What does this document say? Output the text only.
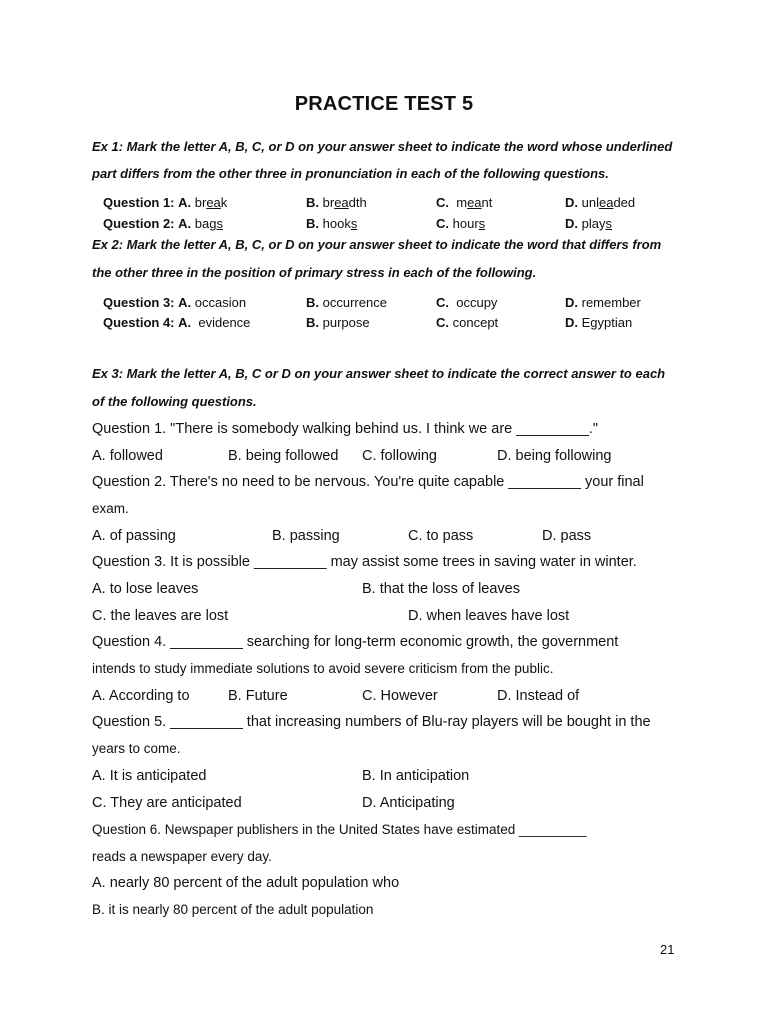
PRACTICE TEST 5
Ex 1: Mark the letter A, B, C, or D on your answer sheet to indicate the word whose underlined
part differs from the other three in pronunciation in each of the following questions.
Question 1: A. break	B. breadth	C. meant	D. unleaded
Question 2: A. bags	B. hooks	C. hours	D. plays
Ex 2: Mark the letter A, B, C, or D on your answer sheet to indicate the word that differs from
the other three in the position of primary stress in each of the following.
Question 3: A. occasion	B. occurrence	C. occupy	D. remember
Question 4: A. evidence	B. purpose	C. concept	D. Egyptian
Ex 3: Mark the letter A, B, C or D on your answer sheet to indicate the correct answer to each
of the following questions.
Question 1. "There is somebody walking behind us. I think we are _________."
A. followed	B. being followed C. following	D. being following
Question 2. There's no need to be nervous. You're quite capable _________ your final
exam.
A. of passing	B. passing	C. to pass	D. pass
Question 3. It is possible _________ may assist some trees in saving water in winter.
A. to lose leaves	B. that the loss of leaves
C. the leaves are lost	D. when leaves have lost
Question 4. _________ searching for long-term economic growth, the government
intends to study immediate solutions to avoid severe criticism from the public.
A. According to	B. Future	C. However	D. Instead of
Question 5. _________ that increasing numbers of Blu-ray players will be bought in the
years to come.
A. It is anticipated	B. In anticipation
C. They are anticipated	D. Anticipating
Question 6. Newspaper publishers in the United States have estimated _________
reads a newspaper every day.
A. nearly 80 percent of the adult population who
B. it is nearly 80 percent of the adult population
21
